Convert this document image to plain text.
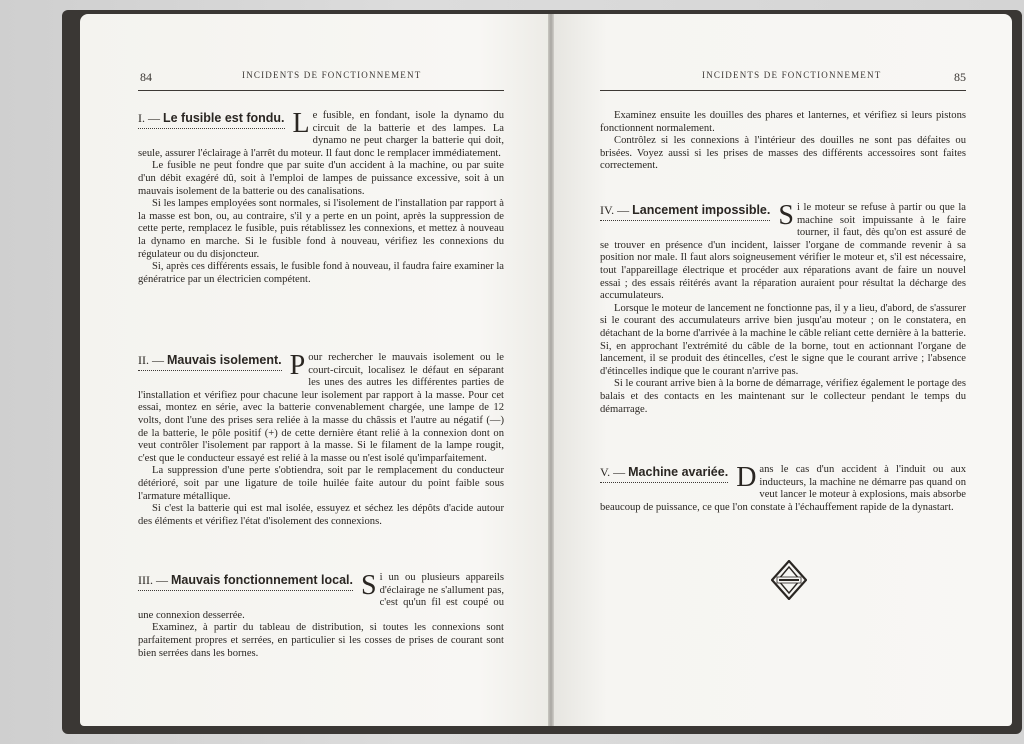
84	INCIDENTS DE FONCTIONNEMENT
I. — Le fusible est fondu. L e fusible, en fondant, isole la dynamo du circuit de la batterie et des lampes. La dynamo ne peut charger la batterie qui doit, seule, assurer l'éclairage à l'arrêt du moteur. Il faut donc le remplacer immédiatement.

Le fusible ne peut fondre que par suite d'un accident à la machine, ou par suite d'un débit exagéré dû, soit à l'emploi de lampes de puissance excessive, soit à un mauvais isolement de la batterie ou des canalisations.

Si les lampes employées sont normales, si l'isolement de l'installation par rapport à la masse est bon, ou, au contraire, s'il y a perte en un point, après la suppression de cette perte, remplacez le fusible, puis rétablissez les connexions, et mettez à nouveau la dynamo en marche. Si le fusible fond à nouveau, vérifiez les connexions du régulateur ou du disjoncteur.

Si, après ces différents essais, le fusible fond à nouveau, il faudra faire examiner la génératrice par un électricien compétent.

II. — Mauvais isolement. P our rechercher le mauvais isolement ou le court-circuit, localisez le défaut en séparant les unes des autres les différentes parties de l'installation et vérifiez pour chacune leur isolement par rapport à la masse. Pour cet essai, montez en série, avec la batterie convenablement chargée, une lampe de 12 volts, dont l'une des prises sera reliée à la masse du châssis et l'autre au négatif (—) de la batterie, le pôle positif (+) de cette dernière étant relié à la connexion dont on veut contrôler l'isolement par rapport à la masse. Si le filament de la lampe rougit, c'est que le conducteur essayé est relié à la masse ou n'est isolé qu'imparfaitement.

La suppression d'une perte s'obtiendra, soit par le remplacement du conducteur détérioré, soit par une ligature de toile huilée faite autour du point faible sous l'armature métallique.

Si c'est la batterie qui est mal isolée, essuyez et séchez les dépôts d'acide autour des éléments et vérifiez l'état d'isolement des connexions.

III. — Mauvais fonctionnement local. S i un ou plusieurs appareils d'éclairage ne s'allument pas, c'est qu'un fil est coupé ou une connexion desserrée.

Examinez, à partir du tableau de distribution, si toutes les connexions sont parfaitement propres et serrées, en particulier si les cosses de prises de courant sont bien serrées dans les bornes.

INCIDENTS DE FONCTIONNEMENT	85

Examinez ensuite les douilles des phares et lanternes, et vérifiez si leurs pistons fonctionnent normalement.

Contrôlez si les connexions à l'intérieur des douilles ne sont pas défaites ou brisées. Voyez aussi si les prises de masses des différents accessoires sont faites correctement.

IV. — Lancement impossible. S i le moteur se refuse à partir ou que la machine soit impuissante à le faire tourner, il faut, dès qu'on est assuré de se trouver en présence d'un incident, laisser l'organe de commande revenir à sa position nor male. Il faut alors soigneusement vérifier le moteur et, s'il est nécessaire, tout l'appareillage électrique et procéder aux réparations avant de faire un nouvel essai ; des essais réitérés avant la réparation auraient pour résultat la décharge des accumulateurs.

Lorsque le moteur de lancement ne fonctionne pas, il y a lieu, d'abord, de s'assurer si le courant des accumulateurs arrive bien jusqu'au moteur ; on le constatera, en détachant de la borne d'arrivée à la machine le câble reliant cette dernière à la batterie. Si, en approchant l'extrémité du câble de la borne, tout en actionnant l'organe de lancement, il se produit des étincelles, c'est le signe que le courant arrive ; l'absence d'étincelles indique que le courant n'arrive pas.

Si le courant arrive bien à la borne de démarrage, vérifiez également le portage des balais et des contacts en les maintenant sur le collecteur pendant le temps du démarrage.

V. — Machine avariée. D ans le cas d'un accident à l'induit ou aux inducteurs, la machine ne démarre pas quand on veut lancer le moteur à explosions, mais absorbe beaucoup de puissance, ce que l'on constate à l'échauffement rapide de la dynastart.
